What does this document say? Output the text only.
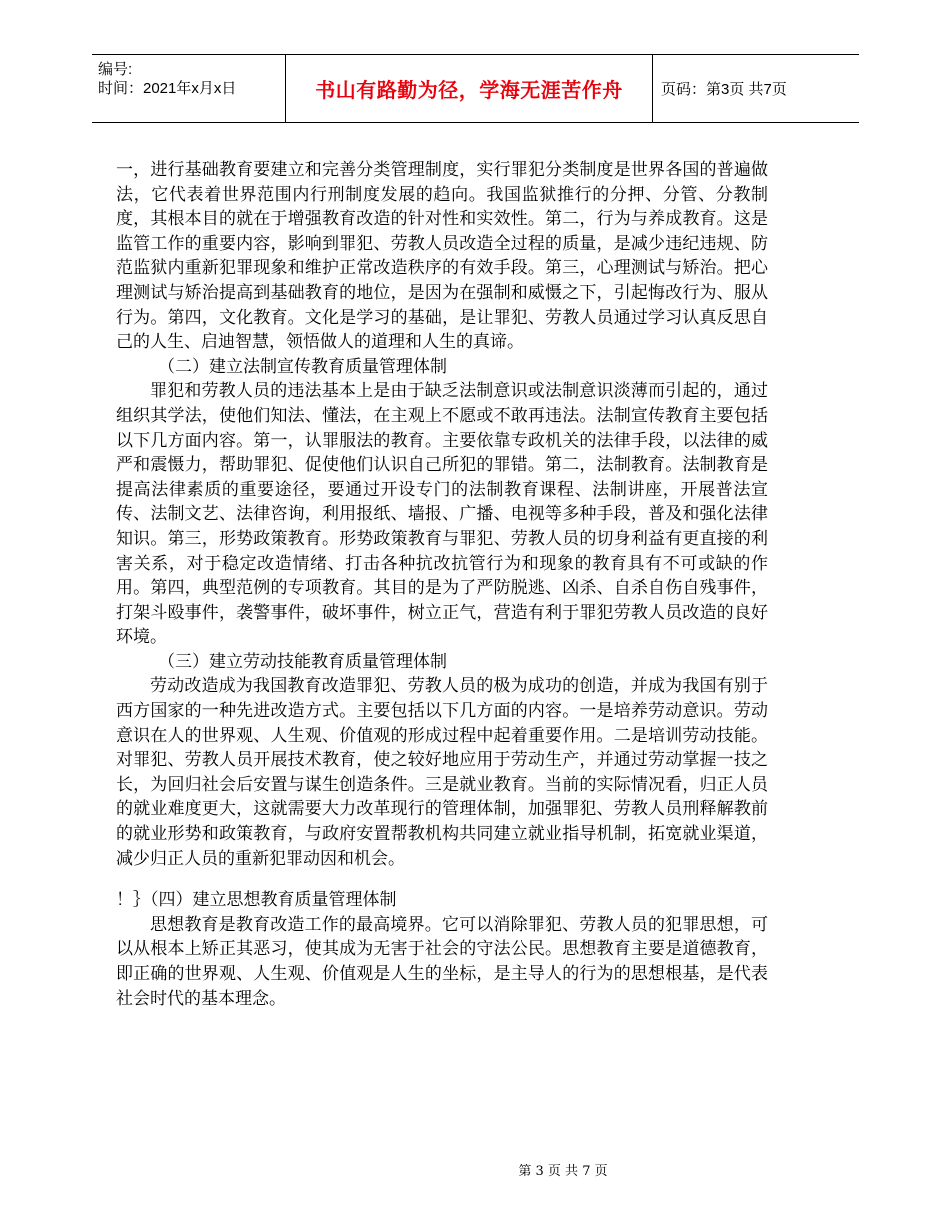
编号:
时间：2021年x月x日	书山有路勤为径，学海无涯苦作舟	页码：第3页 共7页

一，进行基础教育要建立和完善分类管理制度，实行罪犯分类制度是世界各国的普遍做法，它代表着世界范围内行刑制度发展的趋向。我国监狱推行的分押、分管、分教制度，其根本目的就在于增强教育改造的针对性和实效性。第二，行为与养成教育。这是监管工作的重要内容，影响到罪犯、劳教人员改造全过程的质量，是减少违纪违规、防范监狱内重新犯罪现象和维护正常改造秩序的有效手段。第三，心理测试与矫治。把心理测试与矫治提高到基础教育的地位，是因为在强制和威慑之下，引起悔改行为、服从行为。第四，文化教育。文化是学习的基础，是让罪犯、劳教人员通过学习认真反思自己的人生、启迪智慧，领悟做人的道理和人生的真谛。

（二）建立法制宣传教育质量管理体制

罪犯和劳教人员的违法基本上是由于缺乏法制意识或法制意识淡薄而引起的，通过组织其学法，使他们知法、懂法，在主观上不愿或不敢再违法。法制宣传教育主要包括以下几方面内容。第一，认罪服法的教育。主要依靠专政机关的法律手段，以法律的威严和震慑力，帮助罪犯、促使他们认识自己所犯的罪错。第二，法制教育。法制教育是提高法律素质的重要途径，要通过开设专门的法制教育课程、法制讲座，开展普法宣传、法制文艺、法律咨询，利用报纸、墙报、广播、电视等多种手段，普及和强化法律知识。第三，形势政策教育。形势政策教育与罪犯、劳教人员的切身利益有更直接的利害关系，对于稳定改造情绪、打击各种抗改抗管行为和现象的教育具有不可或缺的作用。第四，典型范例的专项教育。其目的是为了严防脱逃、凶杀、自杀自伤自残事件，打架斗殴事件，袭警事件，破坏事件，树立正气，营造有利于罪犯劳教人员改造的良好环境。

（三）建立劳动技能教育质量管理体制

劳动改造成为我国教育改造罪犯、劳教人员的极为成功的创造，并成为我国有别于西方国家的一种先进改造方式。主要包括以下几方面的内容。一是培养劳动意识。劳动意识在人的世界观、人生观、价值观的形成过程中起着重要作用。二是培训劳动技能。对罪犯、劳教人员开展技术教育，使之较好地应用于劳动生产，并通过劳动掌握一技之长，为回归社会后安置与谋生创造条件。三是就业教育。当前的实际情况看，归正人员的就业难度更大，这就需要大力改革现行的管理体制，加强罪犯、劳教人员刑释解教前的就业形势和政策教育，与政府安置帮教机构共同建立就业指导机制，拓宽就业渠道，减少归正人员的重新犯罪动因和机会。

！｝（四）建立思想教育质量管理体制

思想教育是教育改造工作的最高境界。它可以消除罪犯、劳教人员的犯罪思想，可以从根本上矫正其恶习，使其成为无害于社会的守法公民。思想教育主要是道德教育，即正确的世界观、人生观、价值观是人生的坐标，是主导人的行为的思想根基，是代表社会时代的基本理念。

第 3 页 共 7 页
